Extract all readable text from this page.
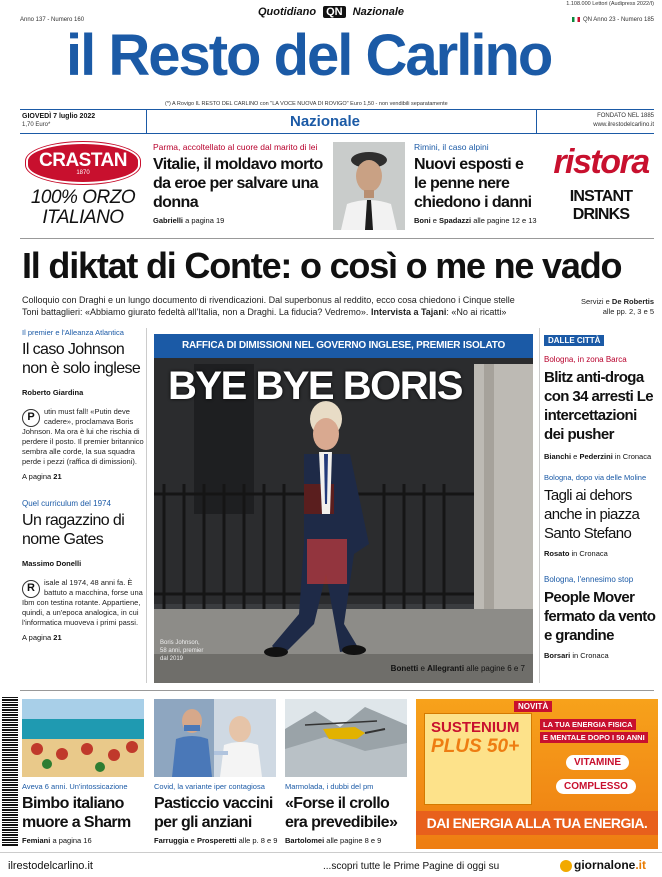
1.108.000 Lettori (Audipress 2022/I)
Anno 137 - Numero 160
Quotidiano QN Nazionale
QN Anno 23 - Numero 185
il Resto del Carlino
(*) A Rovigo IL RESTO DEL CARLINO con "LA VOCE NUOVA DI ROVIGO" Euro 1,50 - non vendibili separatamente
GIOVEDÌ 7 luglio 2022
1,70 Euro*	Nazionale	FONDATO NEL 1885
www.ilrestodelcarlino.it
CRASTAN
1870
100% ORZO
ITALIANO
Parma, accoltellato al cuore dal marito di lei
Vitalie, il moldavo morto da eroe per salvare una donna
Gabrielli a pagina 19
Rimini, il caso alpini
Nuovi esposti e le penne nere chiedono i danni
Boni e Spadazzi alle pagine 12 e 13
ristora
INSTANT DRINKS
Il diktat di Conte: o così o me ne vado
Colloquio con Draghi e un lungo documento di rivendicazioni. Dal superbonus al reddito, ecco cosa chiedono i Cinque stelle
Toni battaglieri: «Abbiamo giurato fedeltà all'Italia, non a Draghi. La fiducia? Vedremo». Intervista a Tajani: «No ai ricatti»
Servizi e De Robertis
alle pp. 2, 3 e 5
Il premier e l'Alleanza Atlantica
Il caso Johnson non è solo inglese
Roberto Giardina
P	utin must fall! «Putin deve cadere», proclamava Boris Johnson. Ma ora è lui che rischia di perdere il posto. Il premier britannico sembra alle corde, la sua squadra perde i pezzi (raffica di dimissioni).
A pagina 21
Quel curriculum del 1974
Un ragazzino di nome Gates
Massimo Donelli
R	isale al 1974, 48 anni fa. È battuto a macchina, forse una Ibm con testina rotante. Appartiene, quindi, a un'epoca analogica, in cui l'informatica muoveva i primi passi.
A pagina 21
RAFFICA DI DIMISSIONI NEL GOVERNO INGLESE, PREMIER ISOLATO
BYE BYE BORIS
Boris Johnson,
58 anni, premier
dal 2019
Bonetti e Allegranti alle pagine 6 e 7
DALLE CITTÀ
Bologna, in zona Barca
Blitz anti-droga con 34 arresti Le intercettazioni dei pusher
Bianchi e Pederzini in Cronaca
Bologna, dopo via delle Moline
Tagli ai dehors anche in piazza Santo Stefano
Rosato in Cronaca
Bologna, l'ennesimo stop
People Mover fermato da vento e grandine
Borsari in Cronaca
Aveva 6 anni. Un'intossicazione
Bimbo italiano muore a Sharm
Femiani a pagina 16
Covid, la variante iper contagiosa
Pasticcio vaccini per gli anziani
Farruggia e Prosperetti alle p. 8 e 9
Marmolada, i dubbi del pm
«Forse il crollo era prevedibile»
Bartolomei alle pagine 8 e 9
NOVITÀ
SUSTENIUM
PLUS 50+
LA TUA ENERGIA FISICA
E MENTALE DOPO I 50 ANNI
VITAMINE
COMPLESSO
DAI ENERGIA ALLA TUA ENERGIA.
ilrestodelcarlino.it	...scopri tutte le Prime Pagine di oggi su	giornalone.it
